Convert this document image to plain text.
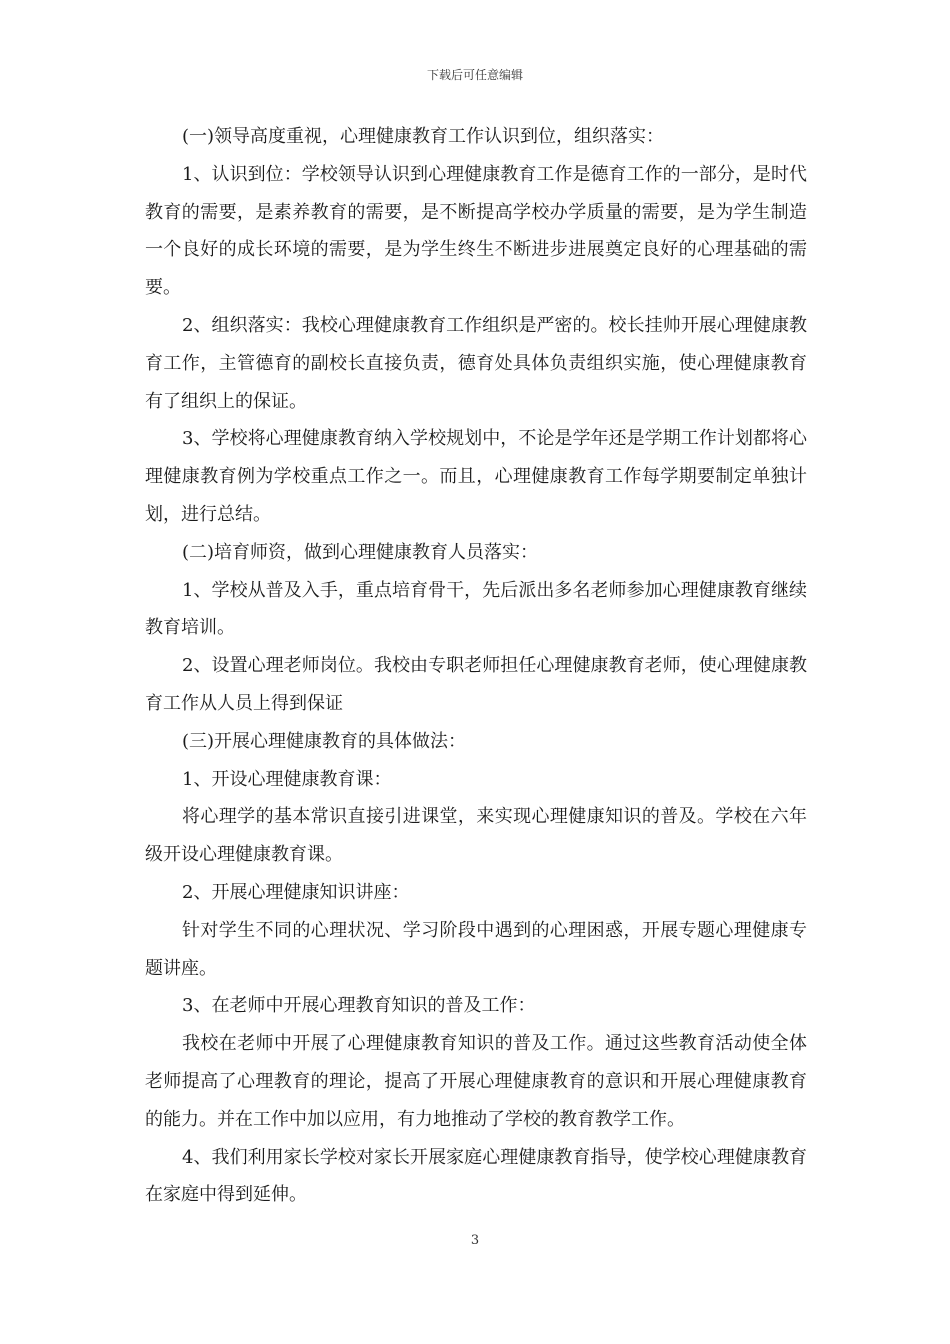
下载后可任意编辑

(一)领导高度重视，心理健康教育工作认识到位，组织落实：

1、认识到位：学校领导认识到心理健康教育工作是德育工作的一部分，是时代教育的需要，是素养教育的需要，是不断提高学校办学质量的需要，是为学生制造一个良好的成长环境的需要，是为学生终生不断进步进展奠定良好的心理基础的需要。

2、组织落实：我校心理健康教育工作组织是严密的。校长挂帅开展心理健康教育工作，主管德育的副校长直接负责，德育处具体负责组织实施，使心理健康教育有了组织上的保证。

3、学校将心理健康教育纳入学校规划中，不论是学年还是学期工作计划都将心理健康教育例为学校重点工作之一。而且，心理健康教育工作每学期要制定单独计划，进行总结。

(二)培育师资，做到心理健康教育人员落实：

1、学校从普及入手，重点培育骨干，先后派出多名老师参加心理健康教育继续教育培训。

2、设置心理老师岗位。我校由专职老师担任心理健康教育老师，使心理健康教育工作从人员上得到保证

(三)开展心理健康教育的具体做法：

1、开设心理健康教育课：

将心理学的基本常识直接引进课堂，来实现心理健康知识的普及。学校在六年级开设心理健康教育课。

2、开展心理健康知识讲座：

针对学生不同的心理状况、学习阶段中遇到的心理困惑，开展专题心理健康专题讲座。

3、在老师中开展心理教育知识的普及工作：

我校在老师中开展了心理健康教育知识的普及工作。通过这些教育活动使全体老师提高了心理教育的理论，提高了开展心理健康教育的意识和开展心理健康教育的能力。并在工作中加以应用，有力地推动了学校的教育教学工作。

4、我们利用家长学校对家长开展家庭心理健康教育指导，使学校心理健康教育在家庭中得到延伸。

3
